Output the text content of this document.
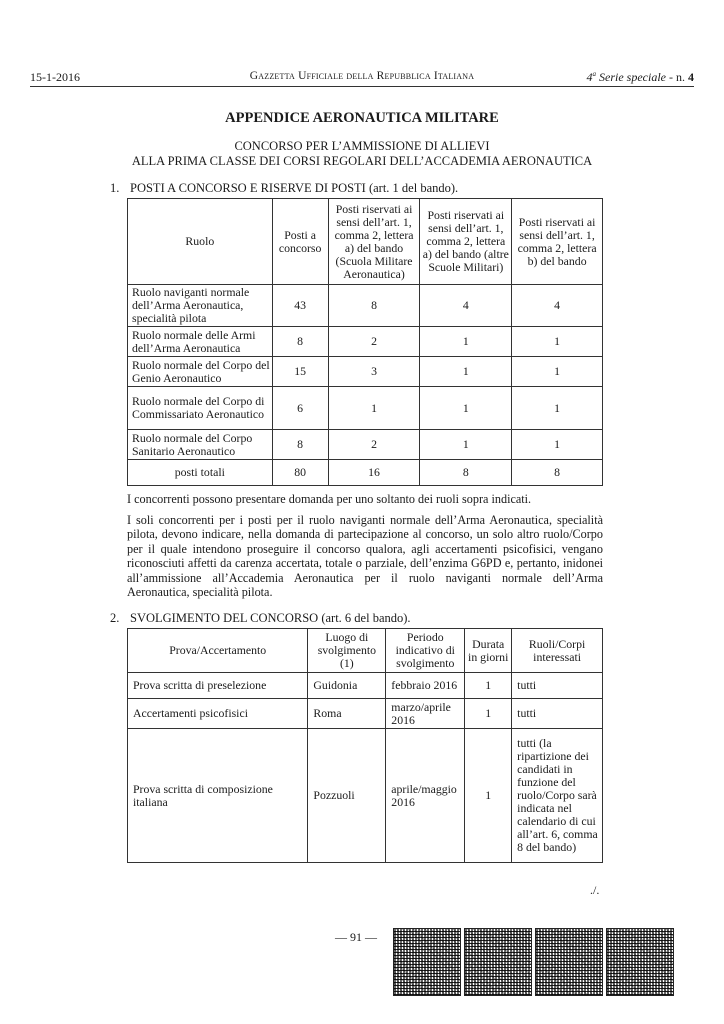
15-1-2016	Gazzetta Ufficiale della Repubblica Italiana	4$^a$ Serie speciale - n. 4
APPENDICE AERONAUTICA MILITARE
CONCORSO PER L’AMMISSIONE DI ALLIEVI
ALLA PRIMA CLASSE DEI CORSI REGOLARI DELL’ACCADEMIA AERONAUTICA
1. POSTI A CONCORSO E RISERVE DI POSTI (art. 1 del bando).
Ruolo	Posti a concorso	Posti riservati ai sensi dell’art. 1, comma 2, lettera a) del bando (Scuola Militare Aeronautica)	Posti riservati ai sensi dell’art. 1, comma 2, lettera a) del bando (altre Scuole Militari)	Posti riservati ai sensi dell’art. 1, comma 2, lettera b) del bando
Ruolo naviganti normale dell’Arma Aeronautica, specialità pilota	43	8	4	4
Ruolo normale delle Armi dell’Arma Aeronautica	8	2	1	1
Ruolo normale del Corpo del Genio Aeronautico	15	3	1	1
Ruolo normale del Corpo di Commissariato Aeronautico	6	1	1	1
Ruolo normale del Corpo Sanitario Aeronautico	8	2	1	1
posti totali	80	16	8	8
I concorrenti possono presentare domanda per uno soltanto dei ruoli sopra indicati.
I soli concorrenti per i posti per il ruolo naviganti normale dell’Arma Aeronautica, specialità pilota, devono indicare, nella domanda di partecipazione al concorso, un solo altro ruolo/Corpo per il quale intendono proseguire il concorso qualora, agli accertamenti psicofisici, vengano riconosciuti affetti da carenza accertata, totale o parziale, dell’enzima G6PD e, pertanto, inidonei all’ammissione all’Accademia Aeronautica per il ruolo naviganti normale dell’Arma Aeronautica, specialità pilota.
2. SVOLGIMENTO DEL CONCORSO (art. 6 del bando).
Prova/Accertamento	Luogo di svolgimento (1)	Periodo indicativo di svolgimento	Durata in giorni	Ruoli/Corpi interessati
Prova scritta di preselezione	Guidonia	febbraio 2016	1	tutti
Accertamenti psicofisici	Roma	marzo/aprile 2016	1	tutti
Prova scritta di composizione italiana	Pozzuoli	aprile/maggio 2016	1	tutti (la ripartizione dei candidati in funzione del ruolo/Corpo sarà indicata nel calendario di cui all’art. 6, comma 8 del bando)
./.
— 91 —
